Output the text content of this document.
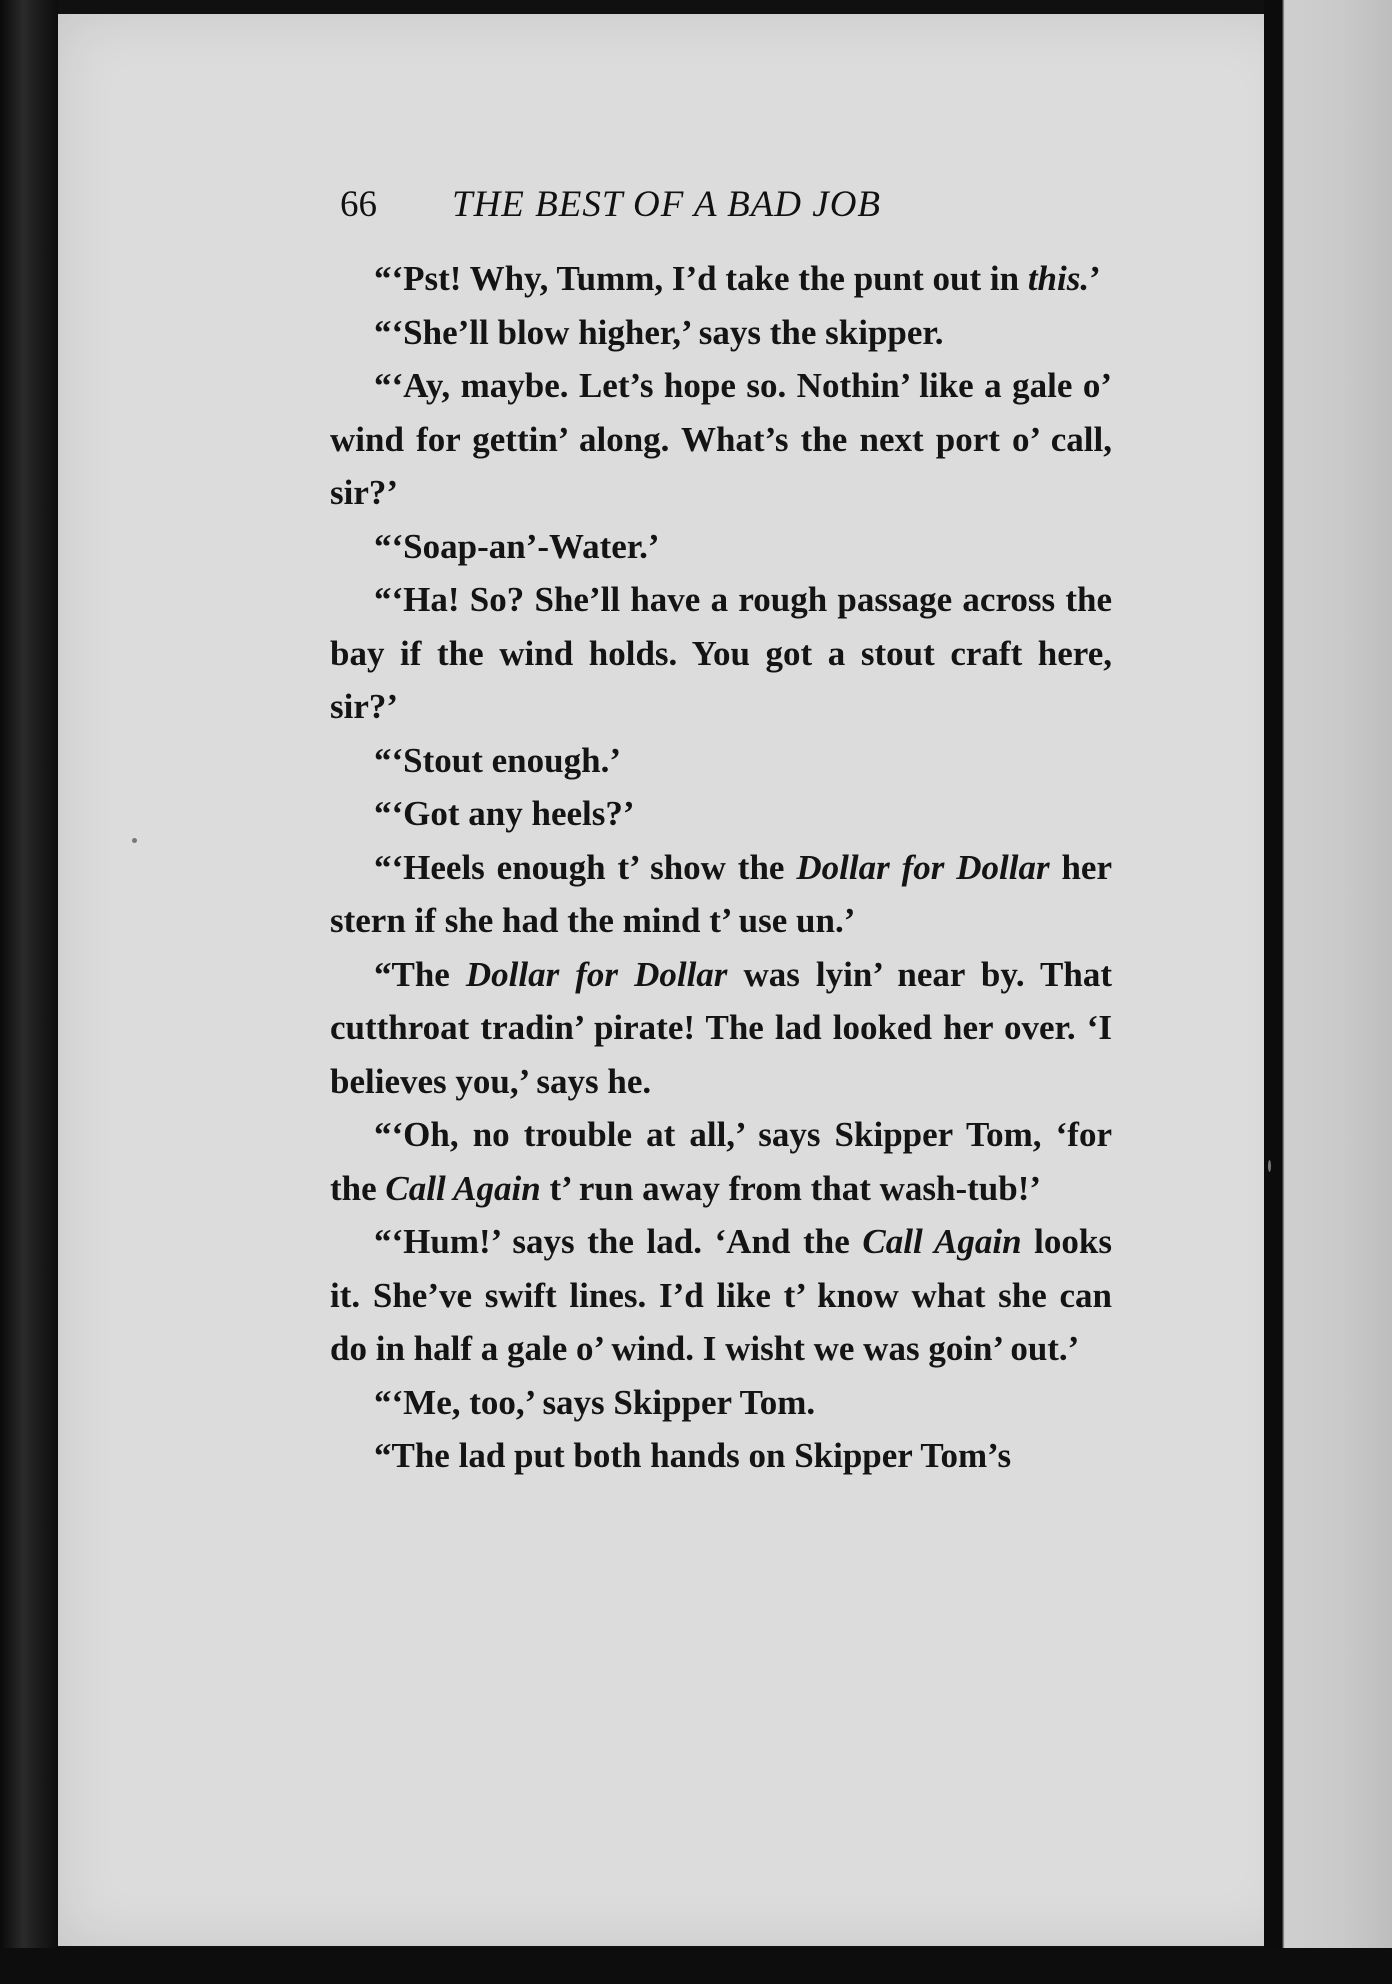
66 THE BEST OF A BAD JOB

“‘Pst! Why, Tumm, I’d take the punt out in this.’

“‘She’ll blow higher,’ says the skipper.

“‘Ay, maybe. Let’s hope so. Nothin’ like a gale o’ wind for gettin’ along. What’s the next port o’ call, sir?’

“‘Soap-an’-Water.’

“‘Ha! So? She’ll have a rough passage across the bay if the wind holds. You got a stout craft here, sir?’

“‘Stout enough.’

“‘Got any heels?’

“‘Heels enough t’ show the Dollar for Dollar her stern if she had the mind t’ use un.’

“The Dollar for Dollar was lyin’ near by. That cutthroat tradin’ pirate! The lad looked her over. ‘I believes you,’ says he.

“‘Oh, no trouble at all,’ says Skipper Tom, ‘for the Call Again t’ run away from that wash-tub!’

“‘Hum!’ says the lad. ‘And the Call Again looks it. She’ve swift lines. I’d like t’ know what she can do in half a gale o’ wind. I wisht we was goin’ out.’

“‘Me, too,’ says Skipper Tom.

“The lad put both hands on Skipper Tom’s
